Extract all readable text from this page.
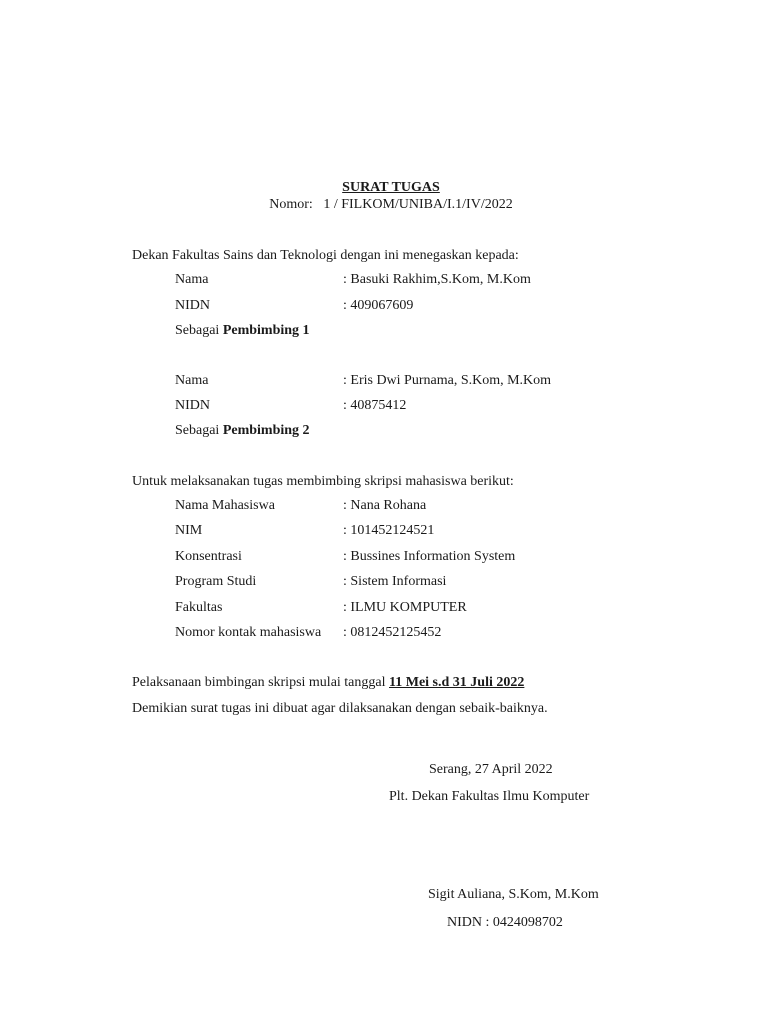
SURAT TUGAS
Nomor: 1 / FILKOM/UNIBA/I.1/IV/2022
Dekan Fakultas Sains dan Teknologi dengan ini menegaskan kepada:
Nama	: Basuki Rakhim,S.Kom, M.Kom
NIDN	: 409067609
Sebagai Pembimbing 1
Nama	: Eris Dwi Purnama, S.Kom, M.Kom
NIDN	: 40875412
Sebagai Pembimbing 2
Untuk melaksanakan tugas membimbing skripsi mahasiswa berikut:
Nama Mahasiswa	: Nana Rohana
NIM	: 101452124521
Konsentrasi	: Bussines Information System
Program Studi	: Sistem Informasi
Fakultas	: ILMU KOMPUTER
Nomor kontak mahasiswa : 0812452125452
Pelaksanaan bimbingan skripsi mulai tanggal 11 Mei s.d 31 Juli 2022
Demikian surat tugas ini dibuat agar dilaksanakan dengan sebaik-baiknya.
Serang, 27 April 2022
Plt. Dekan Fakultas Ilmu Komputer
Sigit Auliana, S.Kom, M.Kom
NIDN : 0424098702
